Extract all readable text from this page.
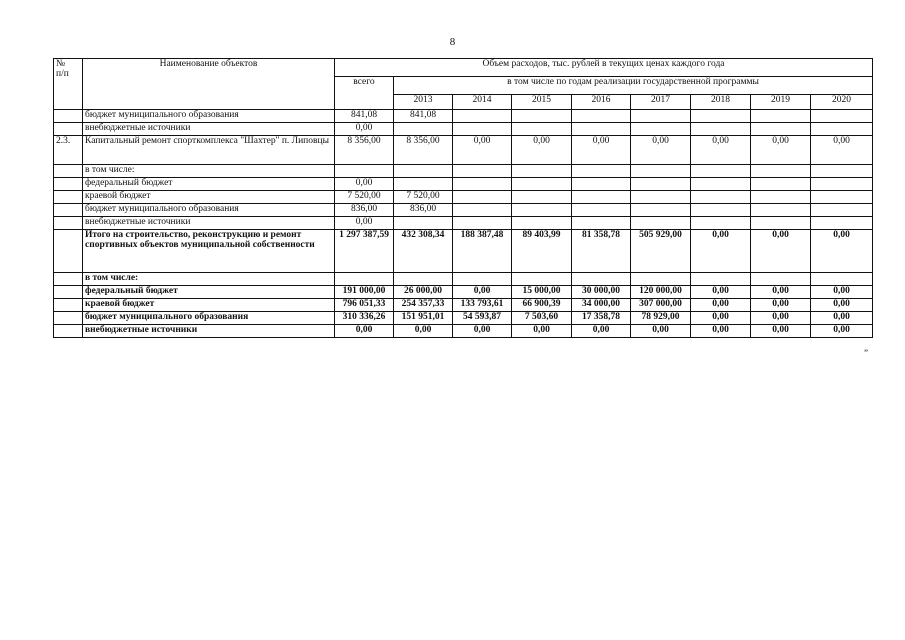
8
№
п/п	Наименование объектов	Объем расходов, тыс. рублей в текущих ценах каждого года								
		всего	в том числе по годам реализации государственной программы							
			2013	2014	2015	2016	2017	2018	2019	2020
	бюджет муниципального образования	841,08	841,08							
	внебюджетные источники	0,00								
2.3.	Капитальный ремонт спорткомплекса "Шахтер" п. Липовцы	8 356,00	8 356,00	0,00	0,00	0,00	0,00	0,00	0,00	0,00
	в том числе:									
	федеральный бюджет	0,00								
	краевой бюджет	7 520,00	7 520,00							
	бюджет муниципального образования	836,00	836,00							
	внебюджетные источники	0,00								
	Итого на строительство, реконструкцию и ремонт спортивных объектов муниципальной собственности	1 297 387,59	432 308,34	188 387,48	89 403,99	81 358,78	505 929,00	0,00	0,00	0,00
	в том числе:									
	федеральный бюджет	191 000,00	26 000,00	0,00	15 000,00	30 000,00	120 000,00	0,00	0,00	0,00
	краевой бюджет	796 051,33	254 357,33	133 793,61	66 900,39	34 000,00	307 000,00	0,00	0,00	0,00
	бюджет муниципального образования	310 336,26	151 951,01	54 593,87	7 503,60	17 358,78	78 929,00	0,00	0,00	0,00
	внебюджетные источники	0,00	0,00	0,00	0,00	0,00	0,00	0,00	0,00	0,00
”
